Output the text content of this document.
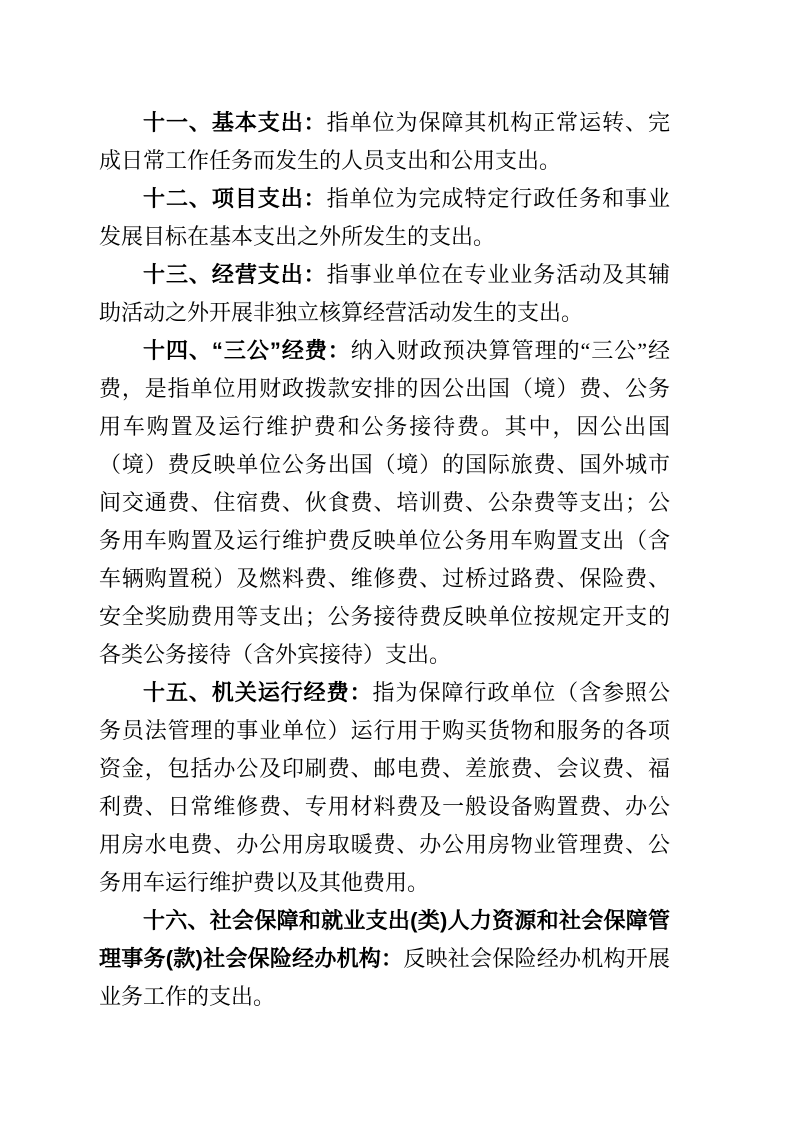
十一、基本支出：指单位为保障其机构正常运转、完成日常工作任务而发生的人员支出和公用支出。

十二、项目支出：指单位为完成特定行政任务和事业发展目标在基本支出之外所发生的支出。

十三、经营支出：指事业单位在专业业务活动及其辅助活动之外开展非独立核算经营活动发生的支出。

十四、“三公”经费：纳入财政预决算管理的“三公”经费，是指单位用财政拨款安排的因公出国（境）费、公务用车购置及运行维护费和公务接待费。其中，因公出国（境）费反映单位公务出国（境）的国际旅费、国外城市间交通费、住宿费、伙食费、培训费、公杂费等支出；公务用车购置及运行维护费反映单位公务用车购置支出（含车辆购置税）及燃料费、维修费、过桥过路费、保险费、安全奖励费用等支出；公务接待费反映单位按规定开支的各类公务接待（含外宾接待）支出。

十五、机关运行经费：指为保障行政单位（含参照公务员法管理的事业单位）运行用于购买货物和服务的各项资金，包括办公及印刷费、邮电费、差旅费、会议费、福利费、日常维修费、专用材料费及一般设备购置费、办公用房水电费、办公用房取暖费、办公用房物业管理费、公务用车运行维护费以及其他费用。

十六、社会保障和就业支出(类)人力资源和社会保障管理事务(款)社会保险经办机构：反映社会保险经办机构开展业务工作的支出。
